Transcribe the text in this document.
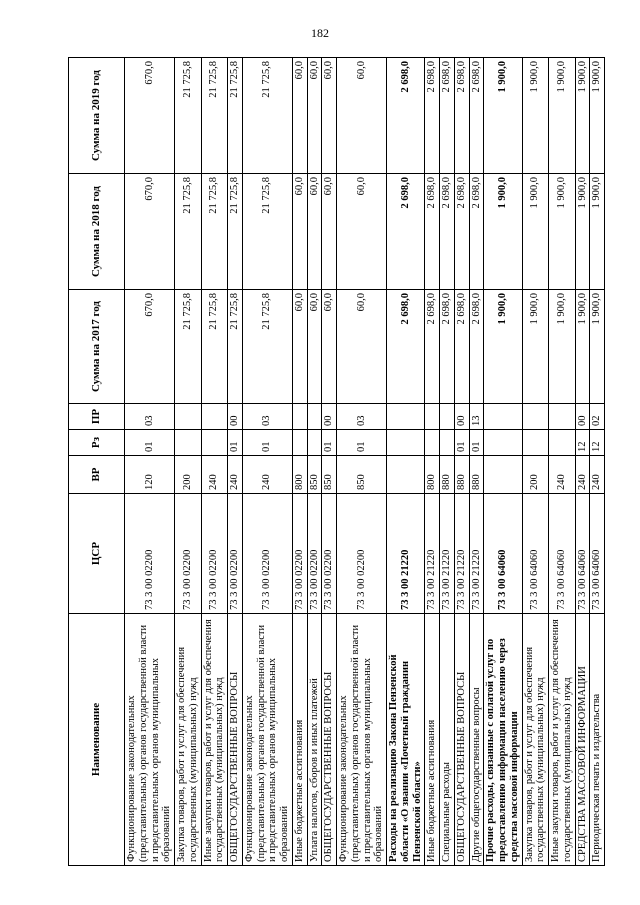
182
Наименование	ЦСР	ВР	Рз	ПР	Сумма на 2017 год	Сумма на 2018 год	Сумма на 2019 год
Функционирование законодательных (представительных) органов государственной власти и представительных органов муниципальных образований	73 3 00 02200	120	01	03	670,0	670,0	670,0
Закупка товаров, работ и услуг для обеспечения государственных (муниципальных) нужд	73 3 00 02200	200			21 725,8	21 725,8	21 725,8
Иные закупки товаров, работ и услуг для обеспечения государственных (муниципальных) нужд	73 3 00 02200	240			21 725,8	21 725,8	21 725,8
ОБЩЕГОСУДАРСТВЕННЫЕ ВОПРОСЫ	73 3 00 02200	240	01	00	21 725,8	21 725,8	21 725,8
Функционирование законодательных (представительных) органов государственной власти и представительных органов муниципальных образований	73 3 00 02200	240	01	03	21 725,8	21 725,8	21 725,8
Иные бюджетные ассигнования	73 3 00 02200	800			60,0	60,0	60,0
Уплата налогов, сборов и иных платежей	73 3 00 02200	850			60,0	60,0	60,0
ОБЩЕГОСУДАРСТВЕННЫЕ ВОПРОСЫ	73 3 00 02200	850	01	00	60,0	60,0	60,0
Функционирование законодательных (представительных) органов государственной власти и представительных органов муниципальных образований	73 3 00 02200	850	01	03	60,0	60,0	60,0
Расходы на реализацию Закона Пензенской области «О звании «Почетный гражданин Пензенской области»	73 3 00 21220				2 698,0	2 698,0	2 698,0
Иные бюджетные ассигнования	73 3 00 21220	800			2 698,0	2 698,0	2 698,0
Специальные расходы	73 3 00 21220	880			2 698,0	2 698,0	2 698,0
ОБЩЕГОСУДАРСТВЕННЫЕ ВОПРОСЫ	73 3 00 21220	880	01	00	2 698,0	2 698,0	2 698,0
Другие общегосударственные вопросы	73 3 00 21220	880	01	13	2 698,0	2 698,0	2 698,0
Прочие расходы, связанные с оплатой услуг по предоставлению информации населению через средства массовой информации	73 3 00 64060				1 900,0	1 900,0	1 900,0
Закупка товаров, работ и услуг для обеспечения государственных (муниципальных) нужд	73 3 00 64060	200			1 900,0	1 900,0	1 900,0
Иные закупки товаров, работ и услуг для обеспечения государственных (муниципальных) нужд	73 3 00 64060	240			1 900,0	1 900,0	1 900,0
СРЕДСТВА МАССОВОЙ ИНФОРМАЦИИ	73 3 00 64060	240	12	00	1 900,0	1 900,0	1 900,0
Периодическая печать и издательства	73 3 00 64060	240	12	02	1 900,0	1 900,0	1 900,0
